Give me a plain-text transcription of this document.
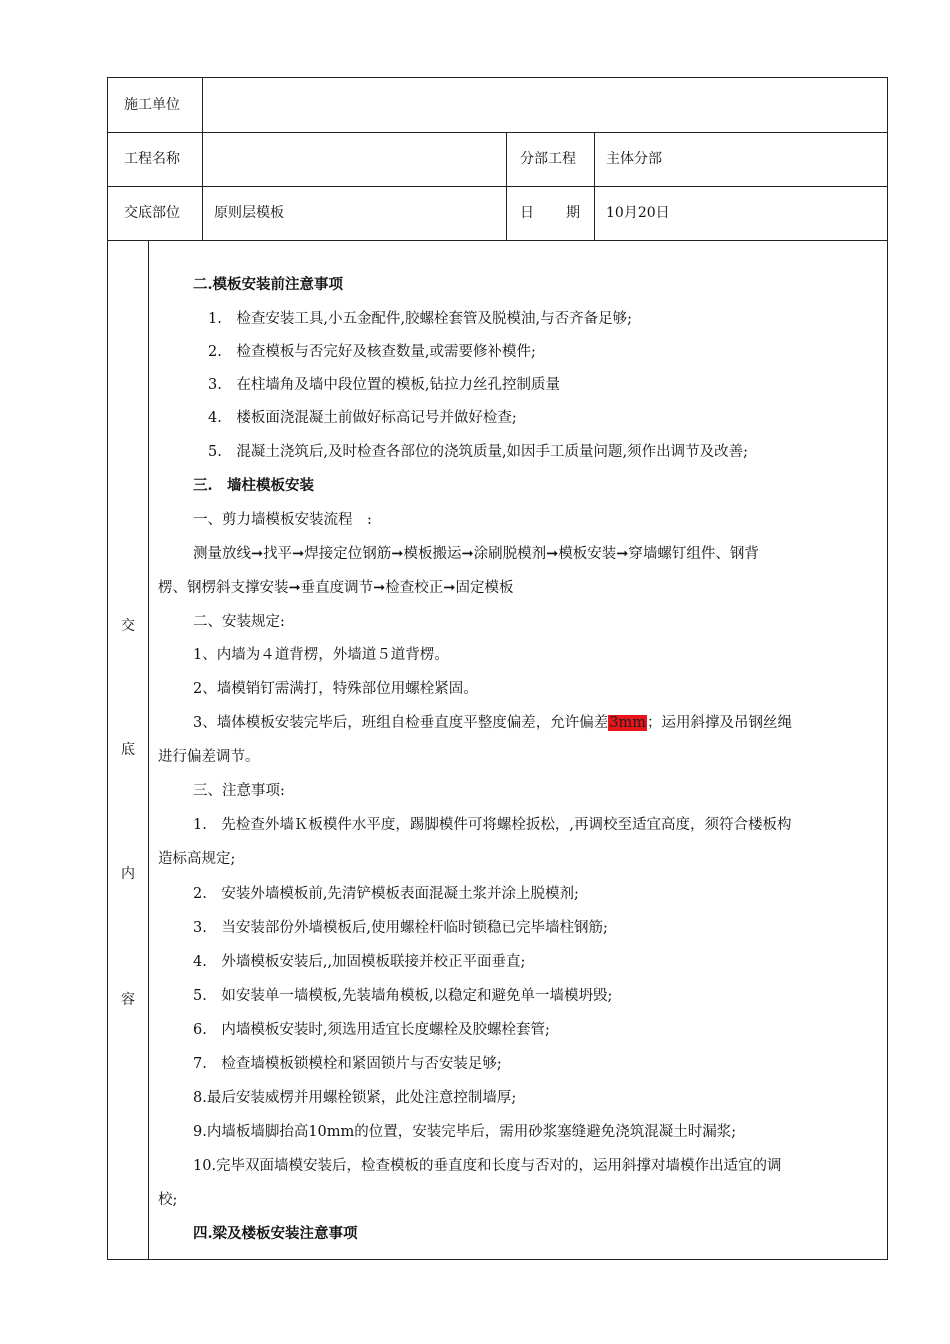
施工单位
工程名称	分部工程 主体分部
交底部位 原则层模板	日 期 10月20日
交
底
内
容
二.模板安装前注意事项
1.　检查安装工具,小五金配件,胶螺栓套管及脱模油,与否齐备足够;
2.　检查模板与否完好及核查数量,或需要修补模件;
3.　在柱墙角及墙中段位置的模板,钻拉力丝孔控制质量
4.　楼板面浇混凝土前做好标高记号并做好检查;
5.　混凝土浇筑后,及时检查各部位的浇筑质量,如因手工质量问题,须作出调节及改善;
三.　墙柱模板安装
一、剪力墙模板安装流程　:
测量放线➞找平➞焊接定位钢筋➞模板搬运➞涂刷脱模剂➞模板安装➞穿墙螺钉组件、钢背
楞、钢楞斜支撑安装➞垂直度调节➞检查校正➞固定模板
二、安装规定:
1、内墙为４道背楞，外墙道５道背楞。
2、墙模销钉需满打，特殊部位用螺栓紧固。
3、墙体模板安装完毕后，班组自检垂直度平整度偏差，允许偏差3mm；运用斜撑及吊钢丝绳
进行偏差调节。
三、注意事项:
1.　先检查外墙Ｋ板模件水平度，踢脚模件可将螺栓扳松，,再调校至适宜高度，须符合楼板构
造标高规定;
2.　安装外墙模板前,先清铲模板表面混凝土浆并涂上脱模剂;
3.　当安装部份外墙模板后,使用螺栓杆临时锁稳已完毕墙柱钢筋;
4.　外墙模板安装后,,加固模板联接并校正平面垂直;
5.　如安装单一墙模板,先装墙角模板,以稳定和避免单一墙模坍毁;
6.　内墙模板安装时,须选用适宜长度螺栓及胶螺栓套管;
7.　检查墙模板锁模栓和紧固锁片与否安装足够;
8.最后安装威楞并用螺栓锁紧，此处注意控制墙厚;
9.内墙板墙脚抬高10mm的位置，安装完毕后，需用砂浆塞缝避免浇筑混凝土时漏浆;
10.完毕双面墙模安装后，检查模板的垂直度和长度与否对的，运用斜撑对墙模作出适宜的调
校;
四.梁及楼板安装注意事项
